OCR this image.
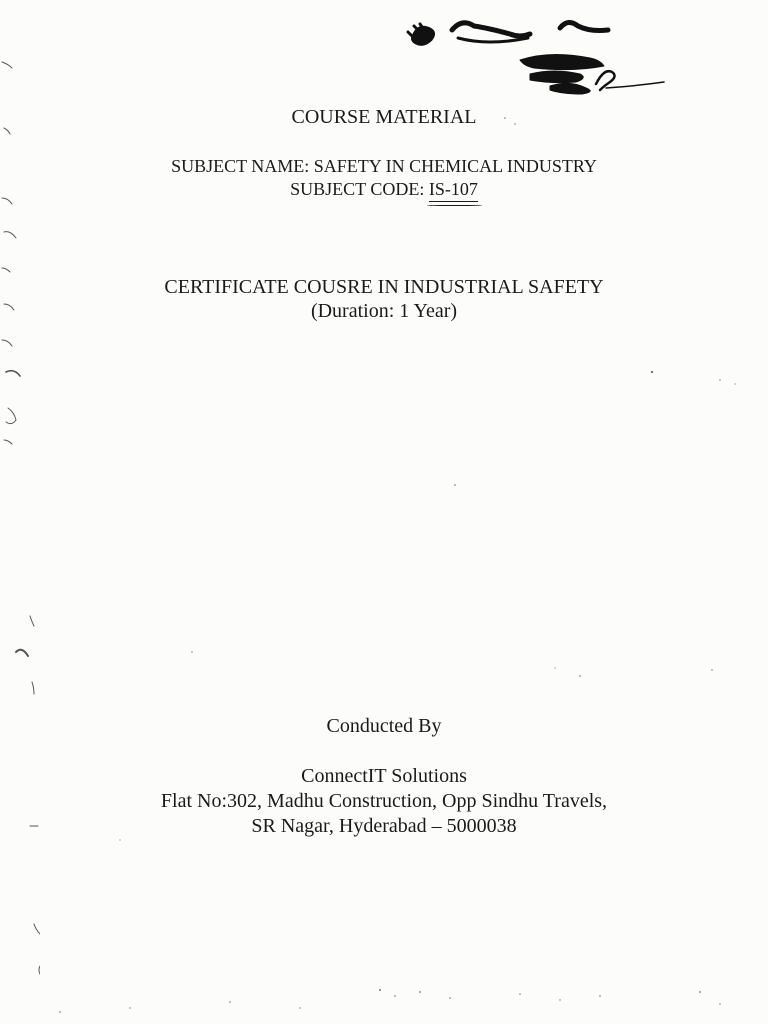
COURSE MATERIAL
SUBJECT NAME: SAFETY IN CHEMICAL INDUSTRY
SUBJECT CODE: IS-107
CERTIFICATE COUSRE IN INDUSTRIAL SAFETY
(Duration: 1 Year)
Conducted By
ConnectIT Solutions
Flat No:302, Madhu Construction, Opp Sindhu Travels,
SR Nagar, Hyderabad – 5000038
